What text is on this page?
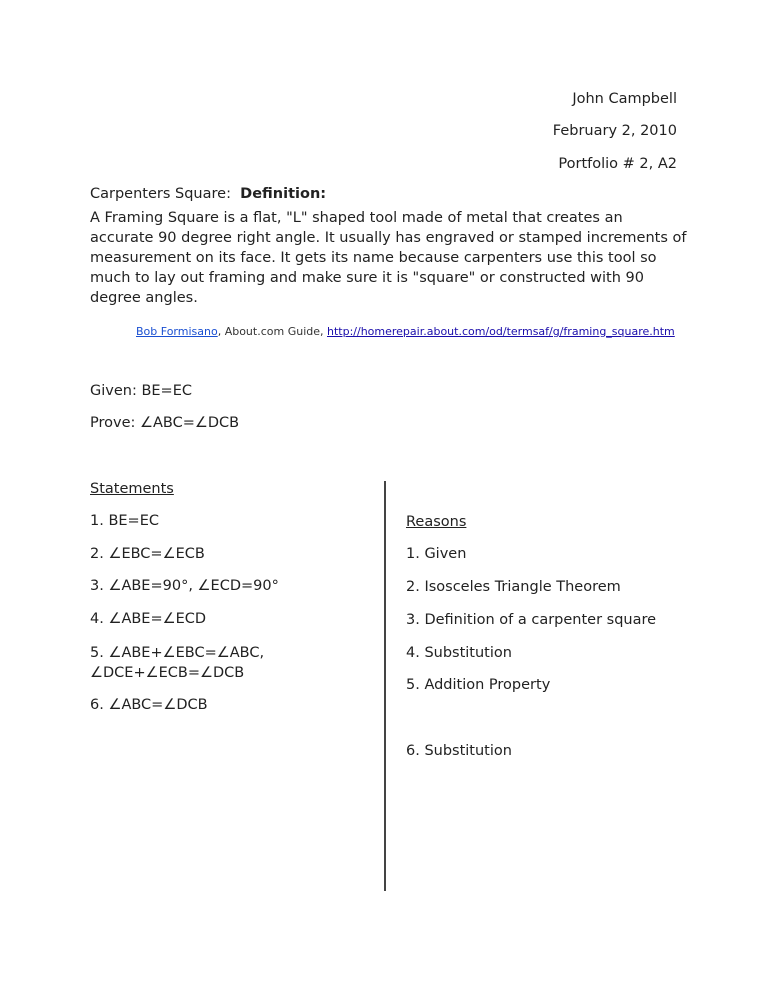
John Campbell
February 2, 2010
Portfolio # 2, A2
Carpenters Square: Definition:
A Framing Square is a flat, "L" shaped tool made of metal that creates an accurate 90 degree right angle. It usually has engraved or stamped increments of measurement on its face. It gets its name because carpenters use this tool so much to lay out framing and make sure it is "square" or constructed with 90 degree angles.
Bob Formisano, About.com Guide, http://homerepair.about.com/od/termsaf/g/framing_square.htm
Given: BE=EC
Prove: ∠ABC=∠DCB
Statements
1. BE=EC
2. ∠EBC=∠ECB
3. ∠ABE=90°, ∠ECD=90°
4. ∠ABE=∠ECD
5. ∠ABE+∠EBC=∠ABC,
∠DCE+∠ECB=∠DCB
6. ∠ABC=∠DCB
Reasons
1. Given
2. Isosceles Triangle Theorem
3. Definition of a carpenter square
4. Substitution
5. Addition Property
6. Substitution
